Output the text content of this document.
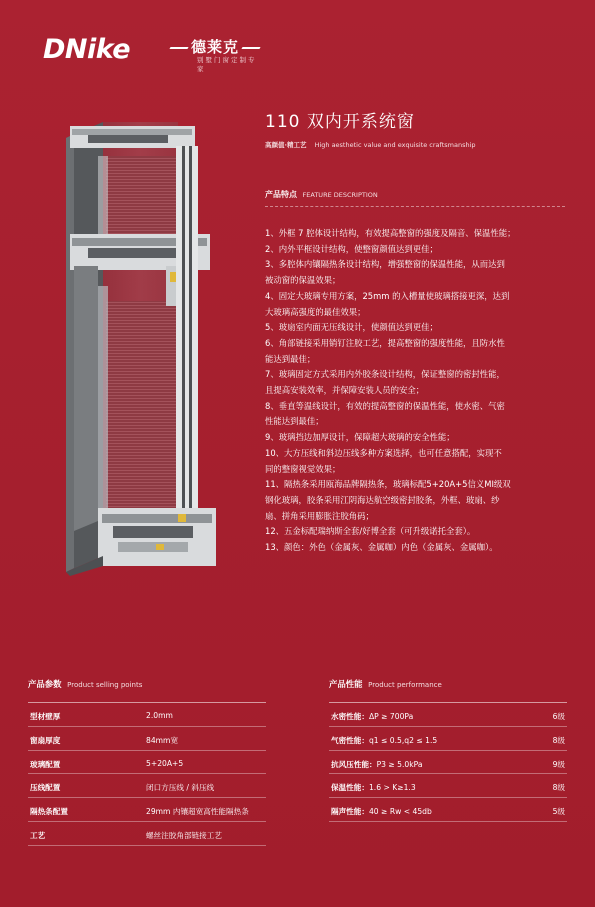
DNike	德莱克
别墅门窗定制专家
110 双内开系统窗
高颜值·精工艺 High aesthetic value and exquisite craftsmanship
产品特点 FEATURE DESCRIPTION
1、外框 7 腔体设计结构，有效提高整窗的强度及隔音、保温性能；
2、内外平框设计结构，使整窗颜值达到更佳；
3、多腔体内镶隔热条设计结构，增强整窗的保温性能，从而达到
被动窗的保温效果；
4、固定大玻璃专用方案，25mm 的入槽量使玻璃搭接更深，达到
大玻璃高强度的最佳效果；
5、玻扇室内面无压线设计，使颜值达到更佳；
6、角部链接采用销钉注胶工艺，提高整窗的强度性能，且防水性
能达到最佳；
7、玻璃固定方式采用内外胶条设计结构，保证整窗的密封性能，
且提高安装效率，并保障安装人员的安全；
8、垂直等温线设计，有效的提高整窗的保温性能，使水密、气密
性能达到最佳；
9、玻璃挡边加厚设计，保障超大玻璃的安全性能；
10、大方压线和斜边压线多种方案选择，也可任意搭配，实现不
同的整窗视觉效果；
11、隔热条采用瓯海品牌隔热条，玻璃标配5+20A+5信义MI级双
钢化玻璃，胶条采用江阴海达航空级密封胶条，外框、玻扇、纱
扇、拼角采用膨胀注胶角码；
12、五金标配瑞纳斯全套/好博全套（可升级诺托全套）。
13、颜色：外色（金属灰、金属咖）内色（金属灰、金属咖）。
产品参数 Product selling points
型材壁厚	2.0mm
窗扇厚度	84mm宽
玻璃配置	5+20A+5
压线配置	闭口方压线 / 斜压线
隔热条配置	29mm 内镶超宽高性能隔热条
工艺	螺丝注胶角部链接工艺
产品性能 Product performance
水密性能：ΔP ≥ 700Pa	6级
气密性能：q1 ≤ 0.5,q2 ≤ 1.5	8级
抗风压性能：P3 ≥ 5.0kPa	9级
保温性能：1.6 > K≥1.3	8级
隔声性能：40 ≥ Rw < 45db	5级
